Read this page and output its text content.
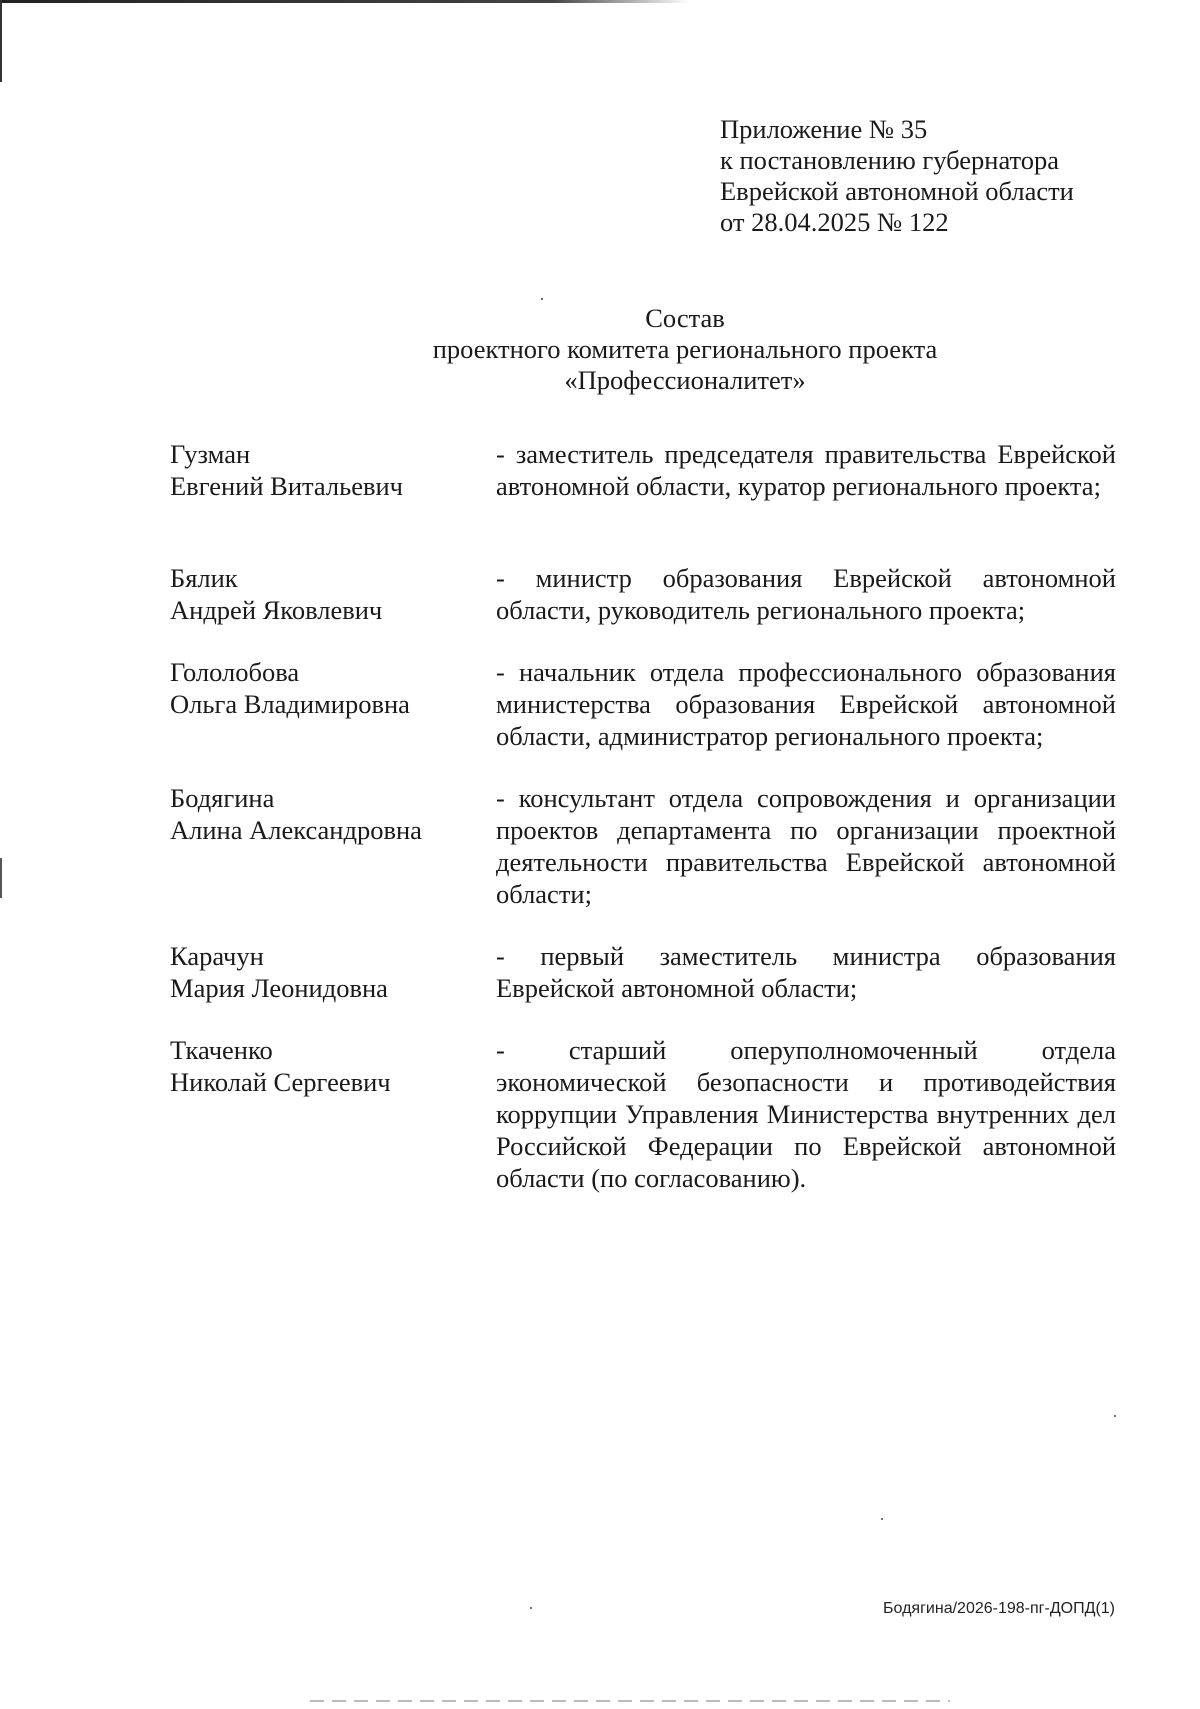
Приложение № 35
к постановлению губернатора
Еврейской автономной области
от 28.04.2025 № 122
Состав
проектного комитета регионального проекта
«Профессионалитет»
Гузман
Евгений Витальевич
- заместитель председателя правительства Еврейской автономной области, куратор регионального проекта;
Бялик
Андрей Яковлевич
- министр образования Еврейской автономной области, руководитель регионального проекта;
Гололобова
Ольга Владимировна
- начальник отдела профессионального образования министерства образования Еврейской автономной области, администратор регионального проекта;
Бодягина
Алина Александровна
- консультант отдела сопровождения и организации проектов департамента по организации проектной деятельности правительства Еврейской автономной области;
Карачун
Мария Леонидовна
- первый заместитель министра образования Еврейской автономной области;
Ткаченко
Николай Сергеевич
- старший оперуполномоченный отдела экономической безопасности и противодействия коррупции Управления Министерства внутренних дел Российской Федерации по Еврейской автономной области (по согласованию).
Бодягина/2026-198-пг-ДОПД(1)
